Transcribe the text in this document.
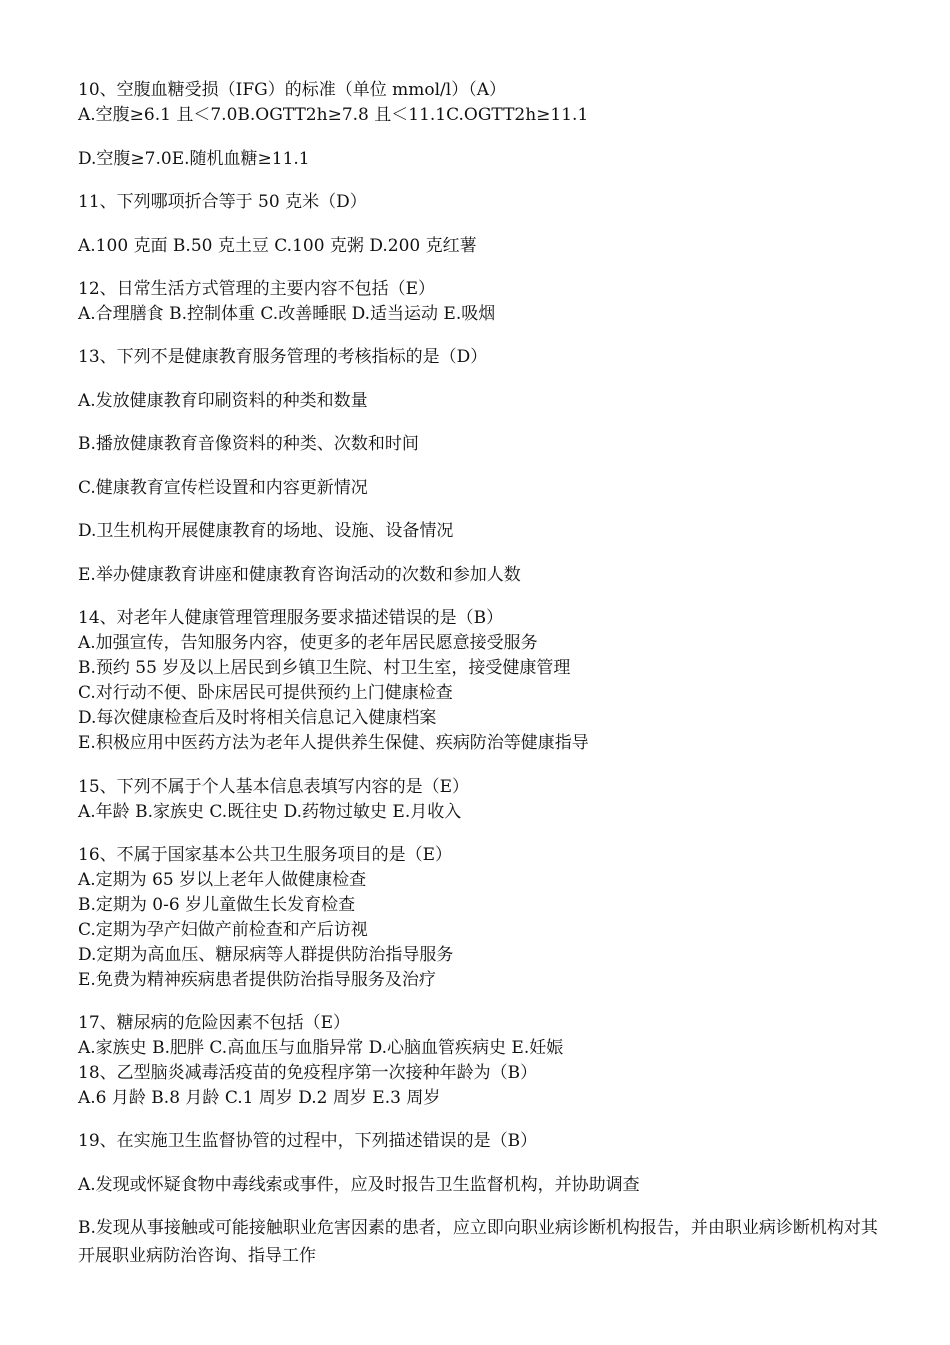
10、空腹血糖受损（IFG）的标准（单位 mmol/l）（A）

A.空腹≥6.1 且＜7.0B.OGTT2h≥7.8 且＜11.1C.OGTT2h≥11.1

D.空腹≥7.0E.随机血糖≥11.1

11、下列哪项折合等于 50 克米（D）

A.100 克面 B.50 克土豆 C.100 克粥 D.200 克红薯

12、日常生活方式管理的主要内容不包括（E）

A.合理膳食 B.控制体重 C.改善睡眠 D.适当运动 E.吸烟

13、下列不是健康教育服务管理的考核指标的是（D）

A.发放健康教育印刷资料的种类和数量

B.播放健康教育音像资料的种类、次数和时间

C.健康教育宣传栏设置和内容更新情况

D.卫生机构开展健康教育的场地、设施、设备情况

E.举办健康教育讲座和健康教育咨询活动的次数和参加人数

14、对老年人健康管理管理服务要求描述错误的是（B）

A.加强宣传，告知服务内容，使更多的老年居民愿意接受服务

B.预约 55 岁及以上居民到乡镇卫生院、村卫生室，接受健康管理

C.对行动不便、卧床居民可提供预约上门健康检查

D.每次健康检查后及时将相关信息记入健康档案

E.积极应用中医药方法为老年人提供养生保健、疾病防治等健康指导

15、下列不属于个人基本信息表填写内容的是（E）

A.年龄 B.家族史 C.既往史 D.药物过敏史 E.月收入

16、不属于国家基本公共卫生服务项目的是（E）

A.定期为 65 岁以上老年人做健康检查

B.定期为 0-6 岁儿童做生长发育检查

C.定期为孕产妇做产前检查和产后访视

D.定期为高血压、糖尿病等人群提供防治指导服务

E.免费为精神疾病患者提供防治指导服务及治疗

17、糖尿病的危险因素不包括（E）

A.家族史 B.肥胖 C.高血压与血脂异常 D.心脑血管疾病史 E.妊娠

18、乙型脑炎减毒活疫苗的免疫程序第一次接种年龄为（B）

A.6 月龄 B.8 月龄 C.1 周岁 D.2 周岁 E.3 周岁

19、在实施卫生监督协管的过程中，下列描述错误的是（B）

A.发现或怀疑食物中毒线索或事件，应及时报告卫生监督机构，并协助调查

B.发现从事接触或可能接触职业危害因素的患者，应立即向职业病诊断机构报告，并由职业病诊断机构对其开展职业病防治咨询、指导工作
